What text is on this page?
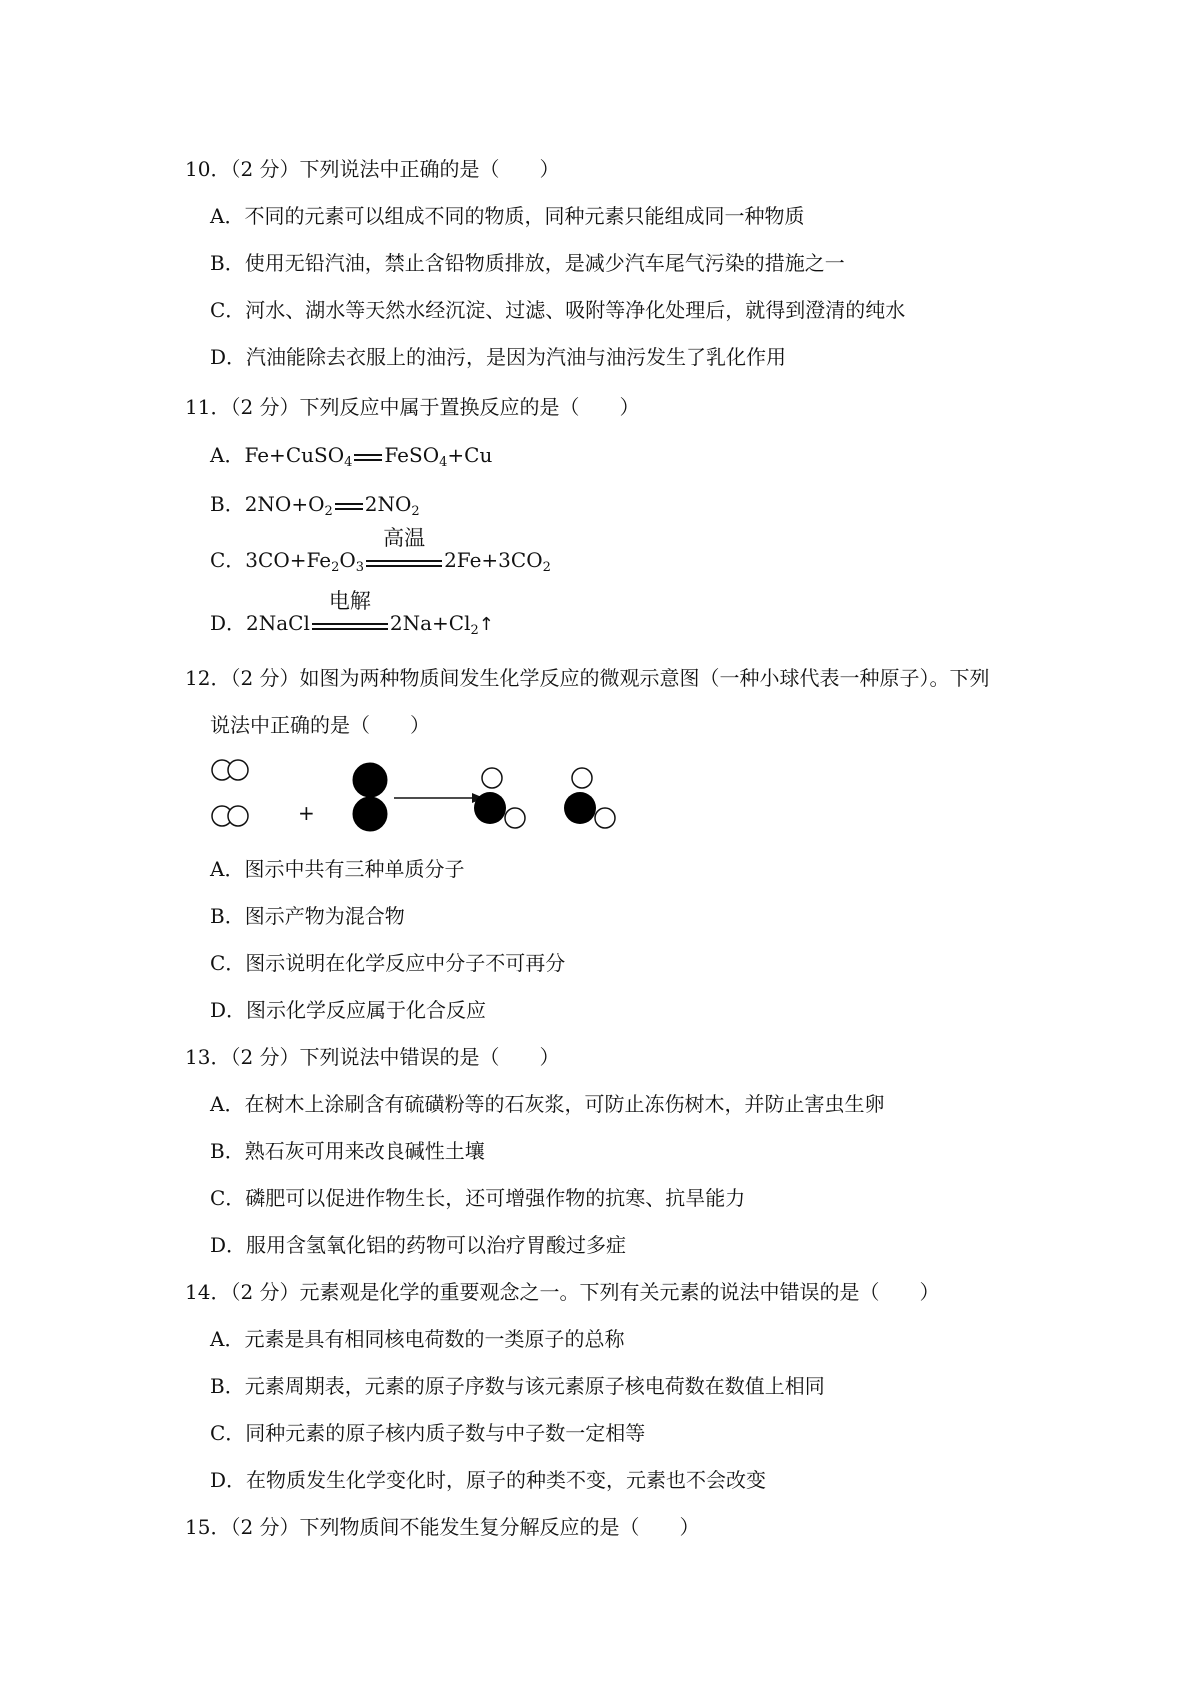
10．（2 分）下列说法中正确的是（　　）
A．不同的元素可以组成不同的物质，同种元素只能组成同一种物质
B．使用无铅汽油，禁止含铅物质排放，是减少汽车尾气污染的措施之一
C．河水、湖水等天然水经沉淀、过滤、吸附等净化处理后，就得到澄清的纯水
D．汽油能除去衣服上的油污，是因为汽油与油污发生了乳化作用
11．（2 分）下列反应中属于置换反应的是（　　）
A．Fe+CuSO$_4$ FeSO$_4$+Cu
B．$2NO+O_2$ $2NO_2$
C．$3CO+Fe_2O_3$
高温
$2Fe+3CO_2$
D．2NaCl
电解
$2Na+Cl_2↑$
12．（2 分）如图为两种物质间发生化学反应的微观示意图（一种小球代表一种原子）。下列
说法中正确的是（　　）
+
A．图示中共有三种单质分子
B．图示产物为混合物
C．图示说明在化学反应中分子不可再分
D．图示化学反应属于化合反应
13．（2 分）下列说法中错误的是（　　）
A．在树木上涂刷含有硫磺粉等的石灰浆，可防止冻伤树木，并防止害虫生卵
B．熟石灰可用来改良碱性土壤
C．磷肥可以促进作物生长，还可增强作物的抗寒、抗旱能力
D．服用含氢氧化铝的药物可以治疗胃酸过多症
14．（2 分）元素观是化学的重要观念之一。下列有关元素的说法中错误的是（　　）
A．元素是具有相同核电荷数的一类原子的总称
B．元素周期表，元素的原子序数与该元素原子核电荷数在数值上相同
C．同种元素的原子核内质子数与中子数一定相等
D．在物质发生化学变化时，原子的种类不变，元素也不会改变
15．（2 分）下列物质间不能发生复分解反应的是（　　）
